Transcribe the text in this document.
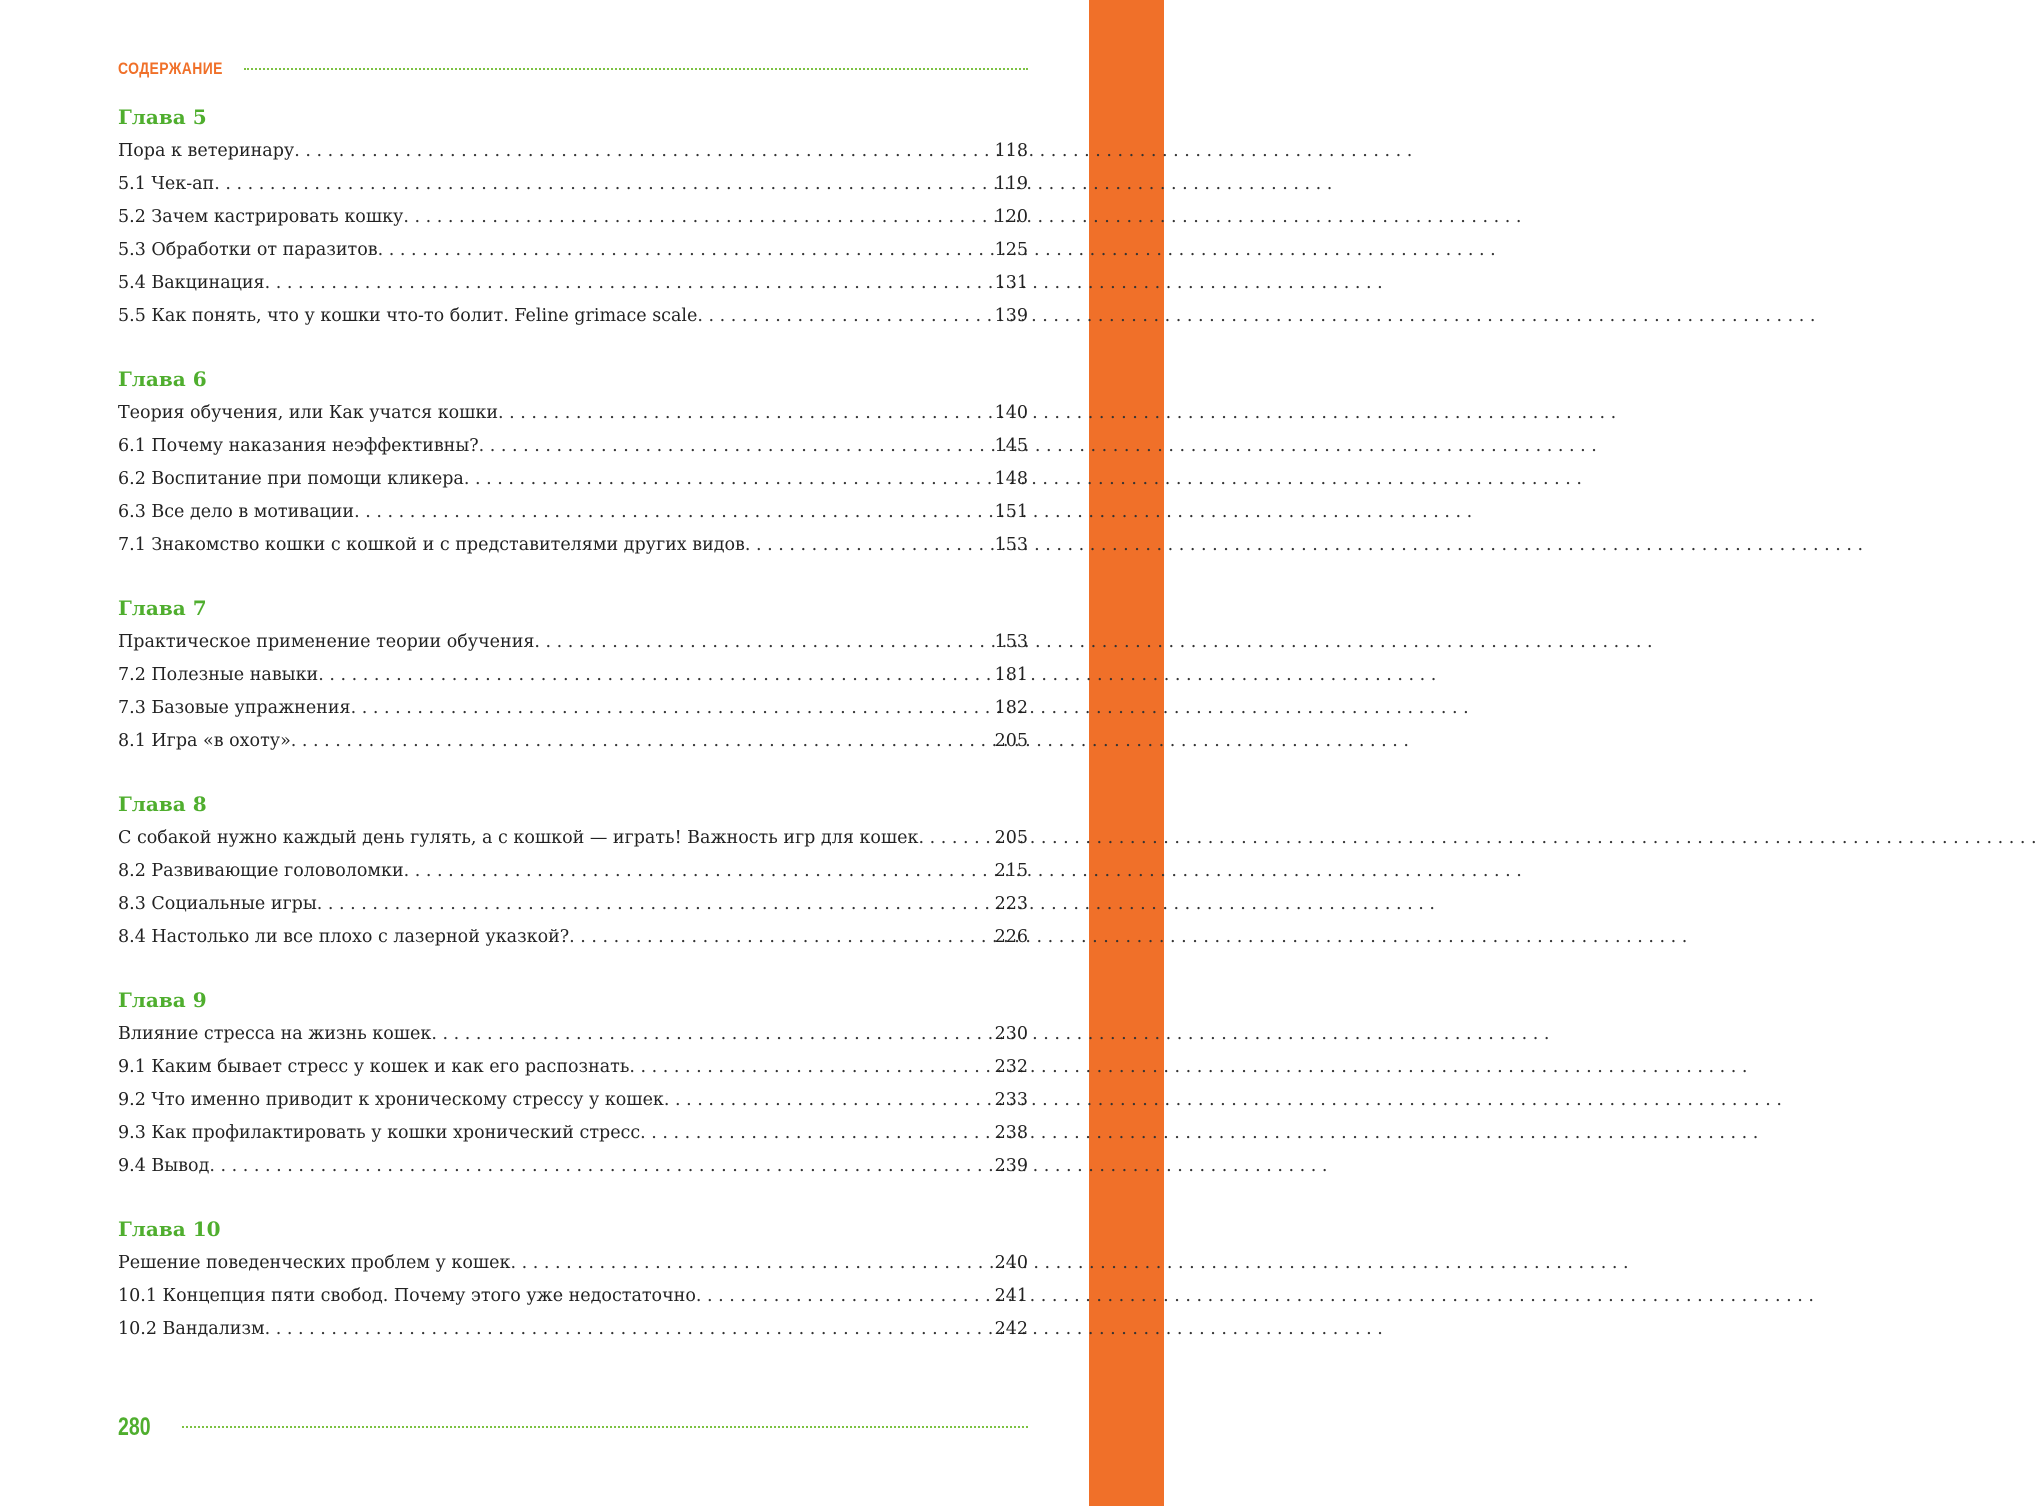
СОДЕРЖАНИЕ
Глава 5
Пора к ветеринару . . .	118
5.1 Чек-ап . . .	119
5.2 Зачем кастрировать кошку . . .	120
5.3 Обработки от паразитов . . .	125
5.4 Вакцинация . . .	131
5.5 Как понять, что у кошки что-то болит. Feline grimace scale . . .	139
Глава 6
Теория обучения, или Как учатся кошки . . .	140
6.1 Почему наказания неэффективны? . . .	145
6.2 Воспитание при помощи кликера . . .	148
6.3 Все дело в мотивации . . .	151
7.1 Знакомство кошки с кошкой и с представителями других видов . . .	153
Глава 7
Практическое применение теории обучения . . .	153
7.2 Полезные навыки . . .	181
7.3 Базовые упражнения . . .	182
8.1 Игра «в охоту» . . .	205
Глава 8
С собакой нужно каждый день гулять, а с кошкой — играть! Важность игр для кошек . . .	205
8.2 Развивающие головоломки . . .	215
8.3 Социальные игры . . .	223
8.4 Настолько ли все плохо с лазерной указкой? . . .	226
Глава 9
Влияние стресса на жизнь кошек . . .	230
9.1 Каким бывает стресс у кошек и как его распознать . . .	232
9.2 Что именно приводит к хроническому стрессу у кошек . . .	233
9.3 Как профилактировать у кошки хронический стресс . . .	238
9.4 Вывод . . .	239
Глава 10
Решение поведенческих проблем у кошек . . .	240
10.1 Концепция пяти свобод. Почему этого уже недостаточно . . .	241
10.2 Вандализм . . .	242
280
